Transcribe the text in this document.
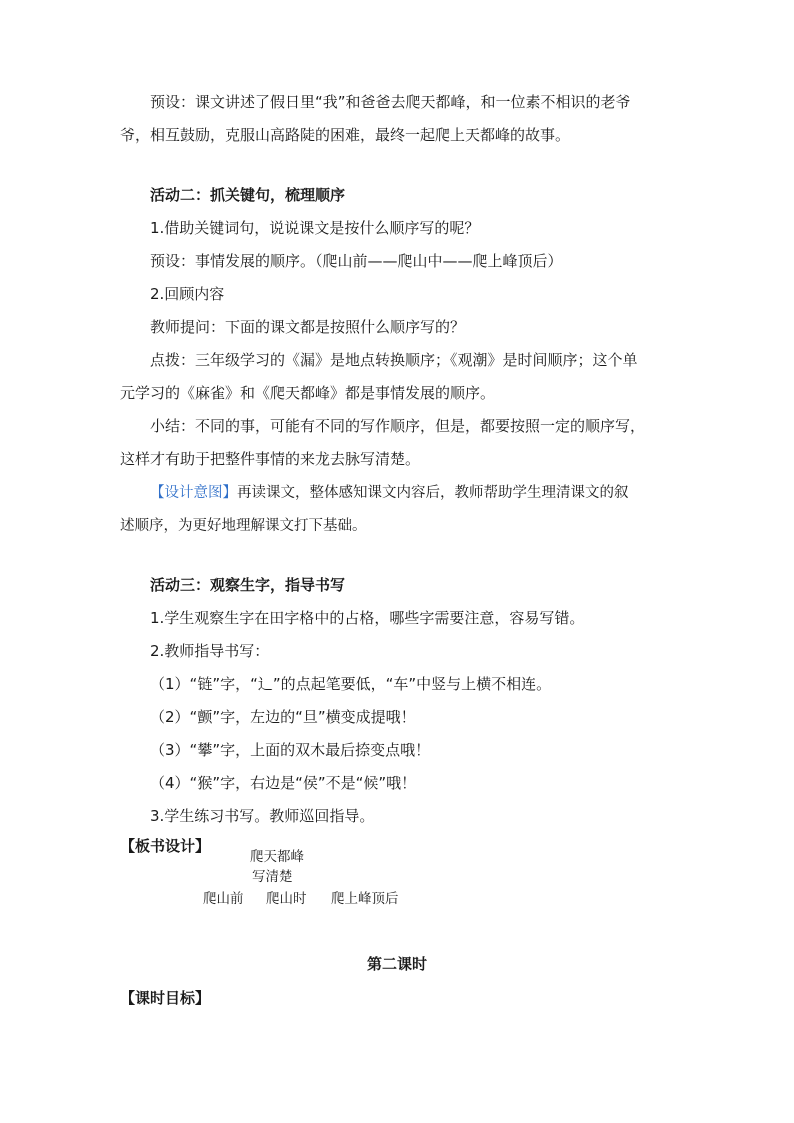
预设：课文讲述了假日里“我”和爸爸去爬天都峰，和一位素不相识的老爷
爷，相互鼓励，克服山高路陡的困难，最终一起爬上天都峰的故事。
活动二：抓关键句，梳理顺序
1.借助关键词句，说说课文是按什么顺序写的呢？
预设：事情发展的顺序。（爬山前——爬山中——爬上峰顶后）
2.回顾内容
教师提问：下面的课文都是按照什么顺序写的？
点拨：三年级学习的《漏》是地点转换顺序；《观潮》是时间顺序；这个单
元学习的《麻雀》和《爬天都峰》都是事情发展的顺序。
小结：不同的事，可能有不同的写作顺序，但是，都要按照一定的顺序写，
这样才有助于把整件事情的来龙去脉写清楚。
【设计意图】再读课文，整体感知课文内容后，教师帮助学生理清课文的叙
述顺序，为更好地理解课文打下基础。
活动三：观察生字，指导书写
1.学生观察生字在田字格中的占格，哪些字需要注意，容易写错。
2.教师指导书写：
（1）“链”字，“辶”的点起笔要低，“车”中竖与上横不相连。
（2）“颤”字，左边的“旦”横变成提哦！
（3）“攀”字，上面的双木最后捺变点哦！
（4）“猴”字，右边是“侯”不是“候”哦！
3.学生练习书写。教师巡回指导。
【板书设计】
爬天都峰
写清楚
爬山前 爬山时 爬上峰顶后
第二课时
【课时目标】
